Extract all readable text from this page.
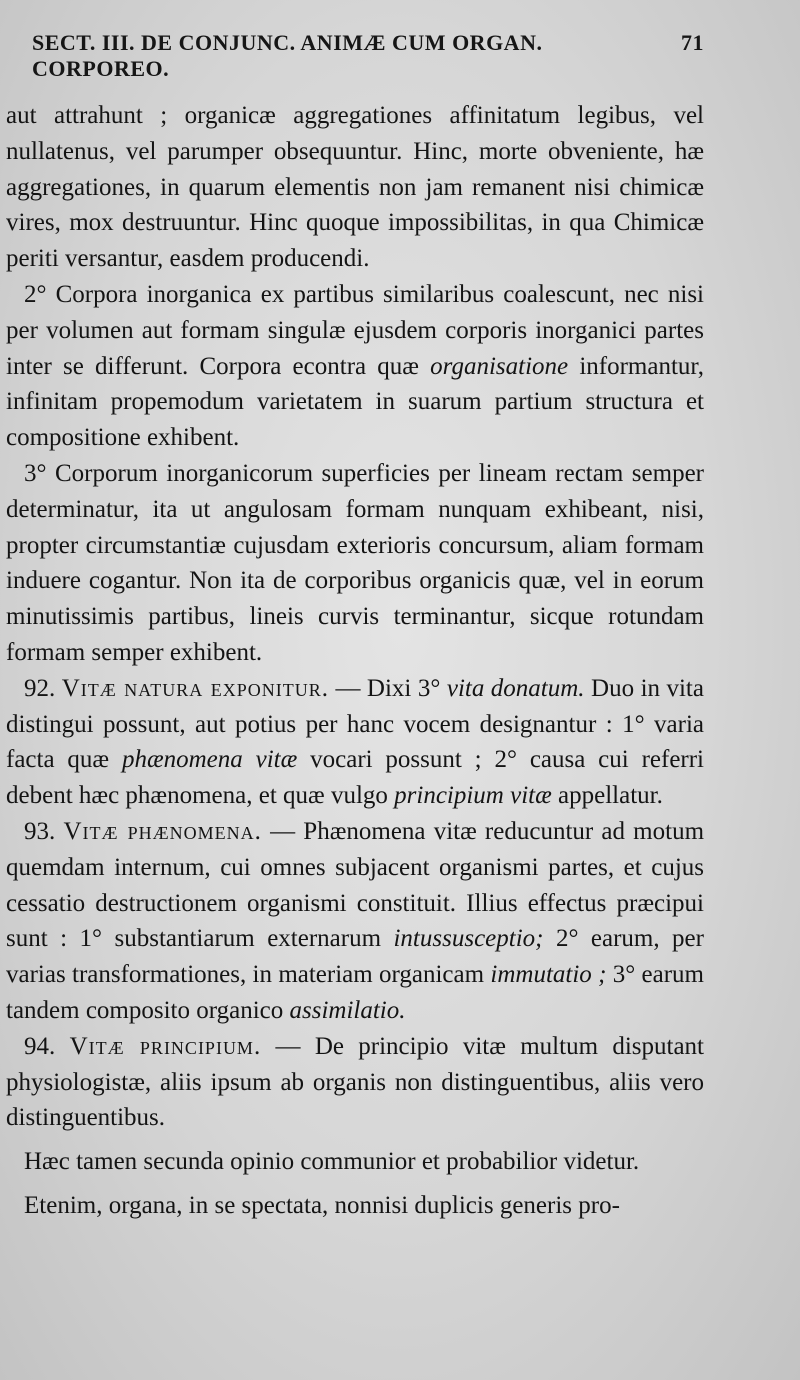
SECT. III. DE CONJUNC. ANIMÆ CUM ORGAN. CORPOREO.
71

aut attrahunt ; organicæ aggregationes affinitatum legibus, vel nullatenus, vel parumper obsequuntur. Hinc, morte obveniente, hæ aggregationes, in quarum elementis non jam remanent nisi chimicæ vires, mox destruuntur. Hinc quoque impossibilitas, in qua Chimicæ periti versantur, easdem producendi.

2° Corpora inorganica ex partibus similaribus coalescunt, nec nisi per volumen aut formam singulæ ejusdem corporis inorganici partes inter se differunt. Corpora econtra quæ organisatione informantur, infinitam propemodum varietatem in suarum partium structura et compositione exhibent.

3° Corporum inorganicorum superficies per lineam rectam semper determinatur, ita ut angulosam formam nunquam exhibeant, nisi, propter circumstantiæ cujusdam exterioris concursum, aliam formam induere cogantur. Non ita de corporibus organicis quæ, vel in eorum minutissimis partibus, lineis curvis terminantur, sicque rotundam formam semper exhibent.

92. Vitæ natura exponitur. — Dixi 3° vita donatum. Duo in vita distingui possunt, aut potius per hanc vocem designantur : 1° varia facta quæ phænomena vitæ vocari possunt ; 2° causa cui referri debent hæc phænomena, et quæ vulgo principium vitæ appellatur.

93. Vitæ phænomena. — Phænomena vitæ reducuntur ad motum quemdam internum, cui omnes subjacent organismi partes, et cujus cessatio destructionem organismi constituit. Illius effectus præcipui sunt : 1° substantiarum externarum intussusceptio; 2° earum, per varias transformationes, in materiam organicam immutatio ; 3° earum tandem composito organico assimilatio.

94. Vitæ principium. — De principio vitæ multum disputant physiologistæ, aliis ipsum ab organis non distinguentibus, aliis vero distinguentibus.

Hæc tamen secunda opinio communior et probabilior videtur.

Etenim, organa, in se spectata, nonnisi duplicis generis pro-
